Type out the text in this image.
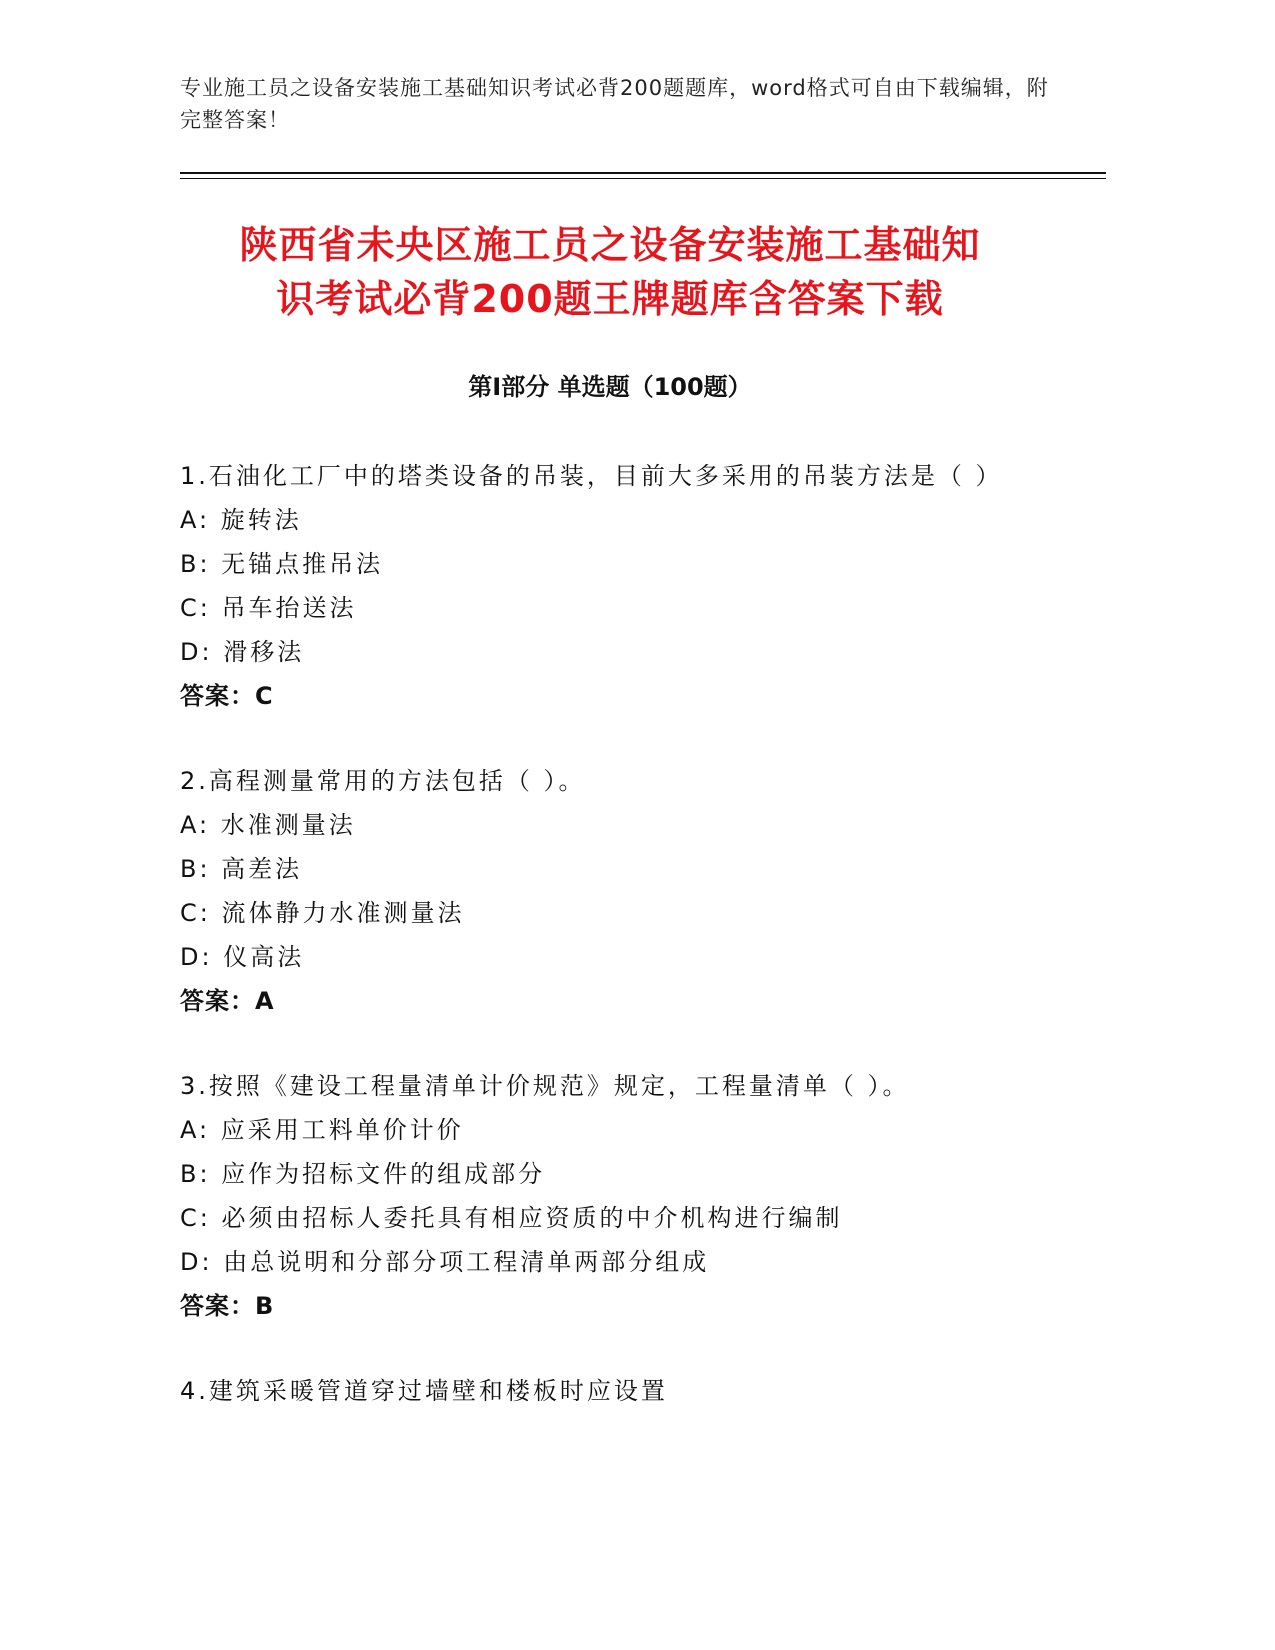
专业施工员之设备安装施工基础知识考试必背200题题库，word格式可自由下载编辑，附完整答案！
陕西省未央区施工员之设备安装施工基础知
识考试必背200题王牌题库含答案下载
第Ⅰ部分 单选题（100题）
1.石油化工厂中的塔类设备的吊装，目前大多采用的吊装方法是（ ）
A: 旋转法
B: 无锚点推吊法
C: 吊车抬送法
D: 滑移法
答案：C
2.高程测量常用的方法包括（ ）。
A: 水准测量法
B: 高差法
C: 流体静力水准测量法
D: 仪高法
答案：A
3.按照《建设工程量清单计价规范》规定，工程量清单（ ）。
A: 应采用工料单价计价
B: 应作为招标文件的组成部分
C: 必须由招标人委托具有相应资质的中介机构进行编制
D: 由总说明和分部分项工程清单两部分组成
答案：B
4.建筑采暖管道穿过墙壁和楼板时应设置
